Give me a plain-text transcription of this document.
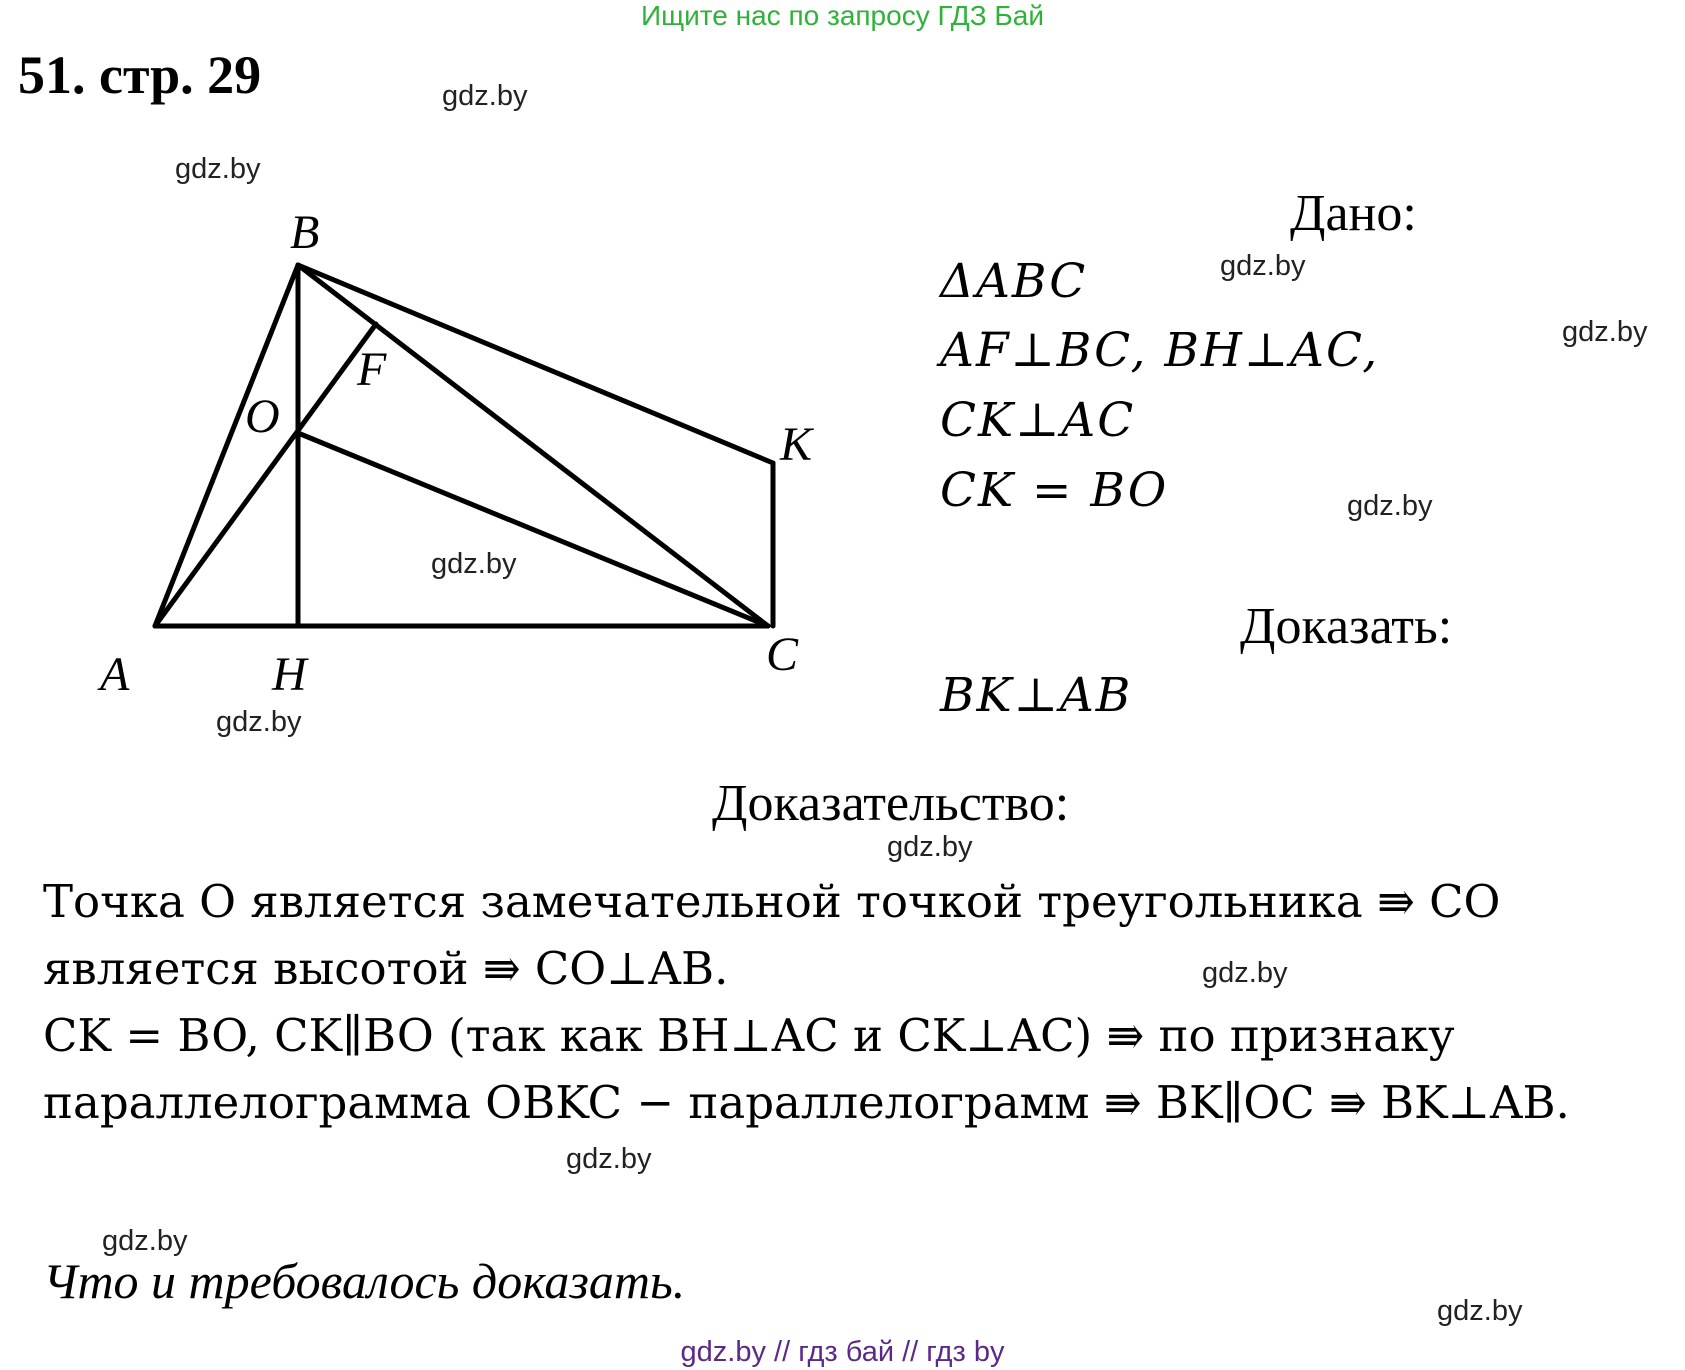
Ищите нас по запросу ГДЗ Бай
51. стр. 29	gdz.by
gdz.by
gdz.by
gdz.by
gdz.by
gdz.by
gdz.by
gdz.by
gdz.by
gdz.by
gdz.by
gdz.by
B
A	H	C
O
F
K
Дано:
ΔABC
AF⊥BC, BH⊥AC,
CK⊥AC
CK = BO
Доказать:
BK⊥AB
Доказательство:

Точка O является замечательной точкой треугольника ⇛ CO является высотой ⇛ CO⊥AB.

CK = BO, CK∥BO (так как BH⊥AC и CK⊥AC) ⇛ по признаку параллелограмма OBKC − параллелограмм ⇛ BK∥OC ⇛ BK⊥AB.

Что и требовалось доказать.
gdz.by // гдз бай // гдз by
